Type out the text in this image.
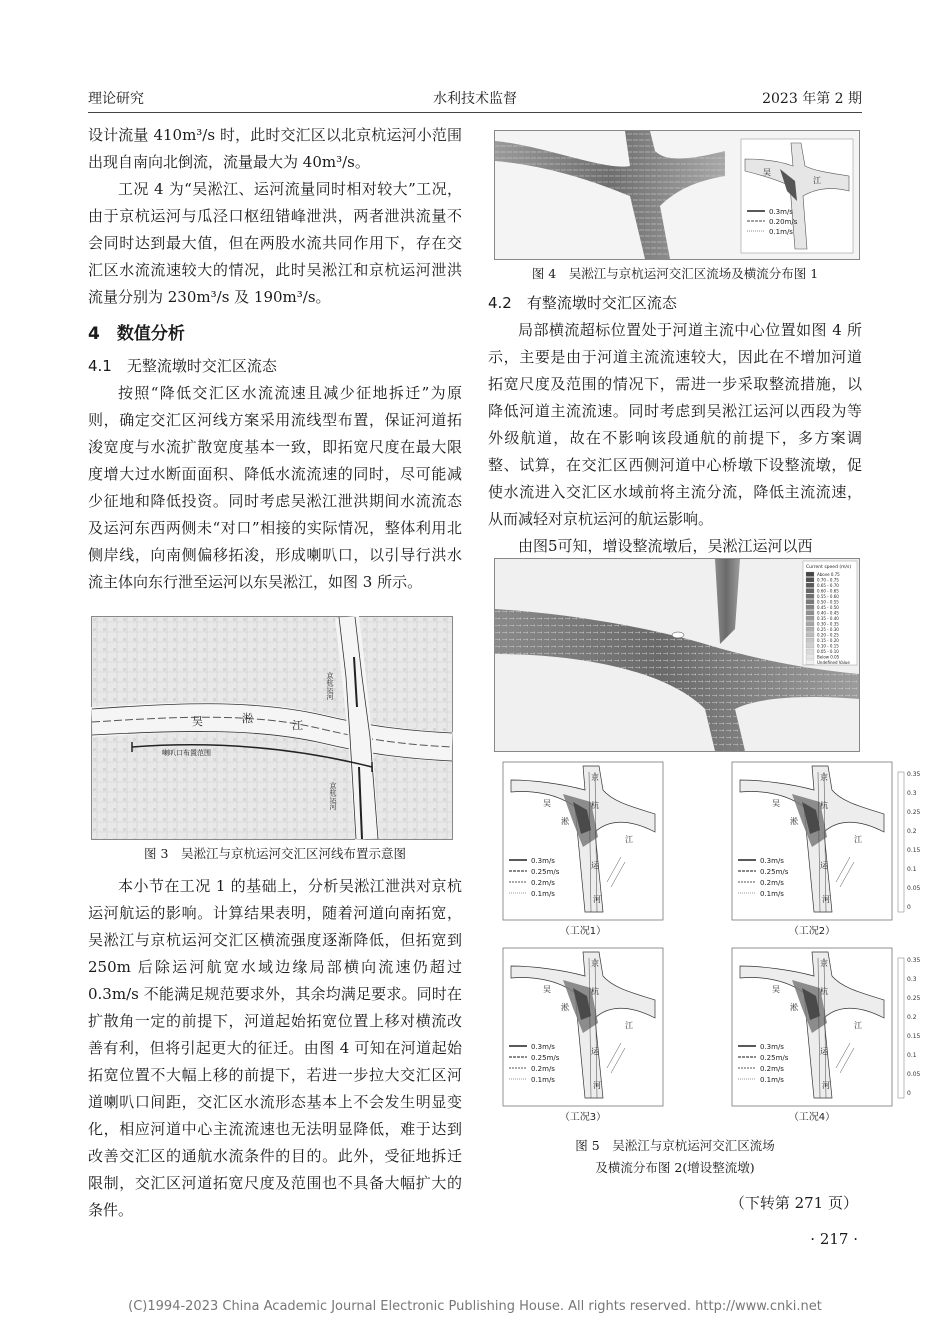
理论研究	水利技术监督	2023 年第 2 期

设计流量 410m³/s 时，此时交汇区以北京杭运河小范围出现自南向北倒流，流量最大为 40m³/s。

工况 4 为“吴淞江、运河流量同时相对较大”工况，由于京杭运河与瓜泾口枢纽错峰泄洪，两者泄洪流量不会同时达到最大值，但在两股水流共同作用下，存在交汇区水流流速较大的情况，此时吴淞江和京杭运河泄洪流量分别为 230m³/s 及 190m³/s。

4　数值分析
4.1　无整流墩时交汇区流态

按照“降低交汇区水流流速且减少征地拆迁”为原则，确定交汇区河线方案采用流线型布置，保证河道拓浚宽度与水流扩散宽度基本一致，即拓宽尺度在最大限度增大过水断面面积、降低水流流速的同时，尽可能减少征地和降低投资。同时考虑吴淞江泄洪期间水流流态及运河东西两侧未“对口”相接的实际情况，整体利用北侧岸线，向南侧偏移拓浚，形成喇叭口，以引导行洪水流主体向东行泄至运河以东吴淞江，如图 3 所示。

吴	淞
江
喇叭口布置范围
京杭运河
京杭运河
图 3　吴淞江与京杭运河交汇区河线布置示意图

本小节在工况 1 的基础上，分析吴淞江泄洪对京杭运河航运的影响。计算结果表明，随着河道向南拓宽，吴淞江与京杭运河交汇区横流强度逐渐降低，但拓宽到 250m 后除运河航宽水域边缘局部横向流速仍超过 0.3m/s 不能满足规范要求外，其余均满足要求。同时在扩散角一定的前提下，河道起始拓宽位置上移对横流改善有利，但将引起更大的征迁。由图 4 可知在河道起始拓宽位置不大幅上移的前提下，若进一步拉大交汇区河道喇叭口间距，交汇区水流形态基本上不会发生明显变化，相应河道中心主流流速也无法明显降低，难于达到改善交汇区的通航水流条件的目的。此外，受征地拆迁限制，交汇区河道拓宽尺度及范围也不具备大幅扩大的条件。

吴
江
0.3m/s
0.20m/s
0.1m/s
图 4　吴淞江与京杭运河交汇区流场及横流分布图 1
4.2　有整流墩时交汇区流态

局部横流超标位置处于河道主流中心位置如图 4 所示，主要是由于河道主流流速较大，因此在不增加河道拓宽尺度及范围的情况下，需进一步采取整流措施，以降低河道主流流速。同时考虑到吴淞江运河以西段为等外级航道，故在不影响该段通航的前提下，多方案调整、试算，在交汇区西侧河道中心桥墩下设整流墩，促使水流进入交汇区水域前将主流分流，降低主流流速，从而减轻对京杭运河的航运影响。

由图5可知，增设整流墩后，吴淞江运河以西

Current speed (m/s)
Above 0.75
0.70 - 0.75
0.65 - 0.70
0.60 - 0.65
0.55 - 0.60
0.50 - 0.55
0.45 - 0.50
0.40 - 0.45
0.35 - 0.40
0.30 - 0.35
0.25 - 0.30
0.20 - 0.25
0.15 - 0.20
0.10 - 0.15
0.05 - 0.10
Below 0.05
Undefined Value
吴
淞
江
京
杭
运
河
0.3m/s
0.25m/s
0.2m/s
0.1m/s
（工况1）
吴
淞
江
京
杭
运
河
0.3m/s
0.25m/s
0.2m/s
0.1m/s
0.35
0.3
0.25
0.2
0.15
0.1
0.05
0
（工况2）
吴
淞
江
京
杭
运
河
0.3m/s
0.25m/s
0.2m/s
0.1m/s
（工况3）
吴
淞
江
京
杭
运
河
0.3m/s
0.25m/s
0.2m/s
0.1m/s
0.35
0.3
0.25
0.2
0.15
0.1
0.05
0
（工况4）
图 5　吴淞江与京杭运河交汇区流场
及横流分布图 2(增设整流墩)
（下转第 271 页）
· 217 ·
(C)1994-2023 China Academic Journal Electronic Publishing House. All rights reserved. http://www.cnki.net
